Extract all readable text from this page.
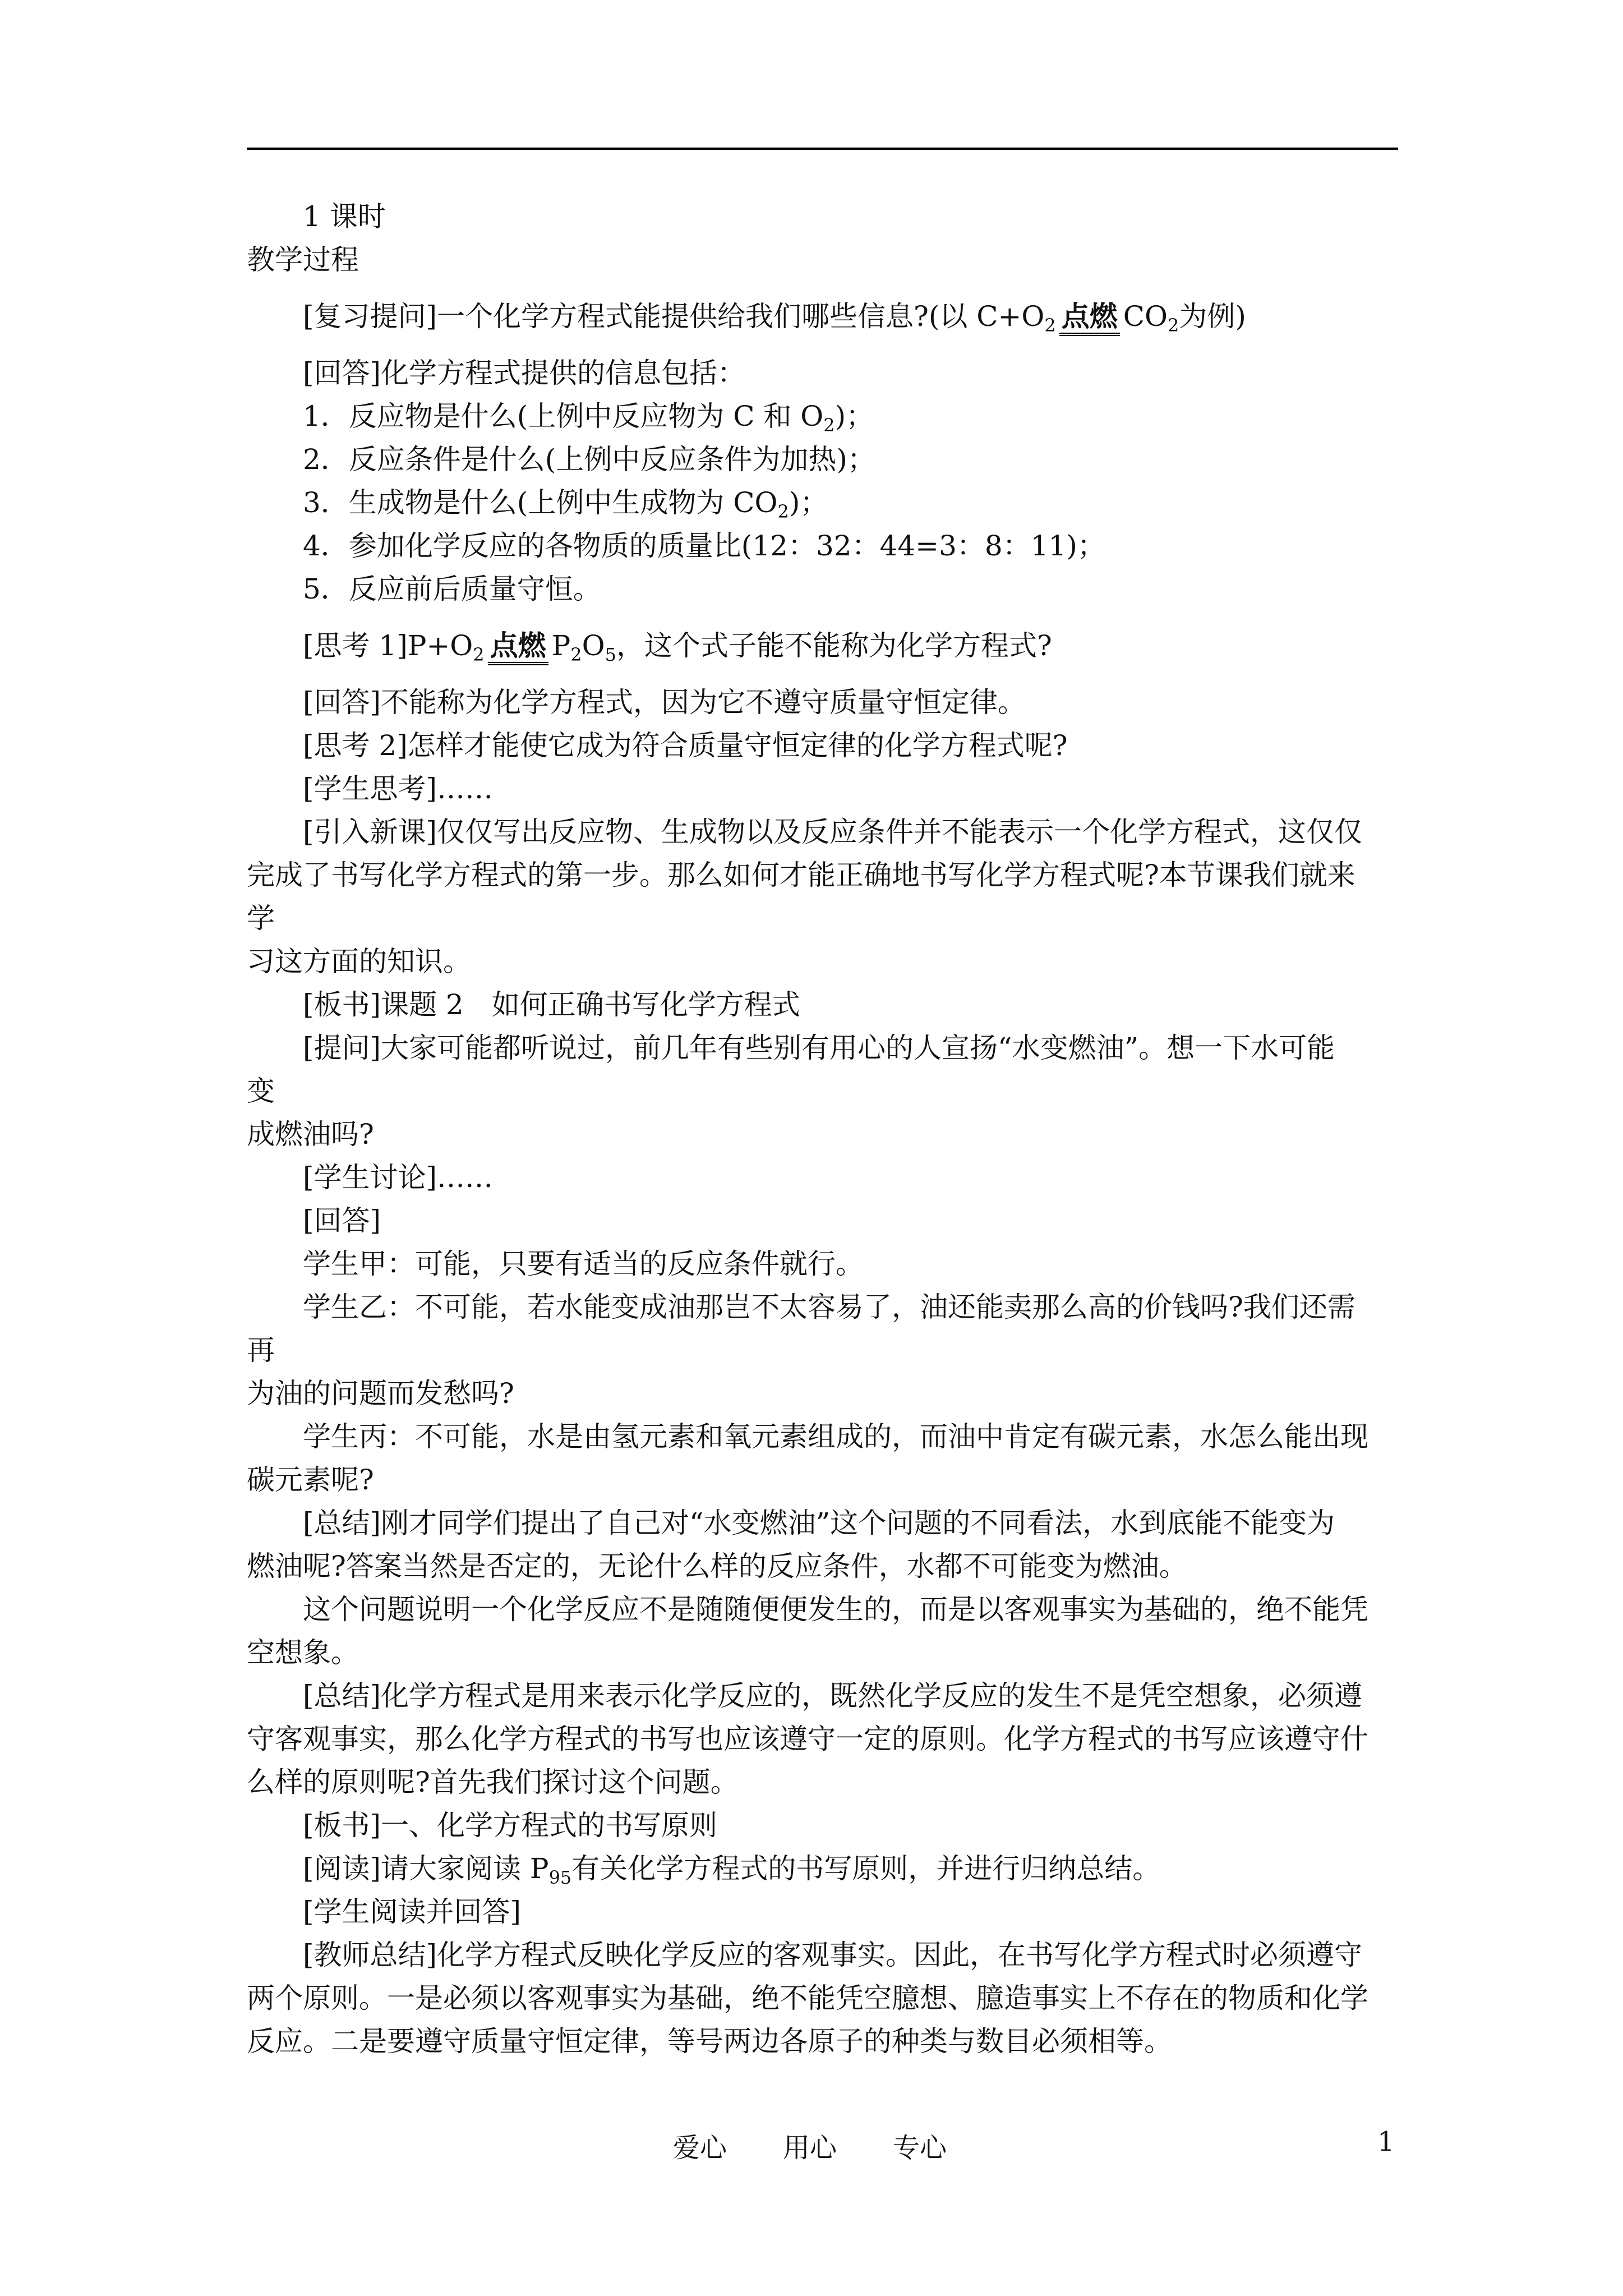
1 课时
教学过程
[复习提问]一个化学方程式能提供给我们哪些信息?(以 $C+O_2$ 点燃 $CO_2$为例)
[回答]化学方程式提供的信息包括：
1．反应物是什么(上例中反应物为 C 和 $O_2$)；
2．反应条件是什么(上例中反应条件为加热)；
3．生成物是什么(上例中生成物为 $CO_2$)；
4．参加化学反应的各物质的质量比(12：32：44=3：8：11)；
5．反应前后质量守恒。
[思考 $1]P+O_2$ 点燃 $P_2O_5$，这个式子能不能称为化学方程式?
[回答]不能称为化学方程式，因为它不遵守质量守恒定律。
[思考 2]怎样才能使它成为符合质量守恒定律的化学方程式呢?
[学生思考]……
[引入新课]仅仅写出反应物、生成物以及反应条件并不能表示一个化学方程式，这仅仅
完成了书写化学方程式的第一步。那么如何才能正确地书写化学方程式呢?本节课我们就来
学
习这方面的知识。
[板书]课题 2　如何正确书写化学方程式
[提问]大家可能都听说过，前几年有些别有用心的人宣扬“水变燃油”。想一下水可能
变
成燃油吗?
[学生讨论]……
[回答]
学生甲：可能，只要有适当的反应条件就行。
学生乙：不可能，若水能变成油那岂不太容易了，油还能卖那么高的价钱吗?我们还需
再
为油的问题而发愁吗?
学生丙：不可能，水是由氢元素和氧元素组成的，而油中肯定有碳元素，水怎么能出现
碳元素呢?
[总结]刚才同学们提出了自己对“水变燃油”这个问题的不同看法，水到底能不能变为
燃油呢?答案当然是否定的，无论什么样的反应条件，水都不可能变为燃油。
这个问题说明一个化学反应不是随随便便发生的，而是以客观事实为基础的，绝不能凭
空想象。
[总结]化学方程式是用来表示化学反应的，既然化学反应的发生不是凭空想象，必须遵
守客观事实，那么化学方程式的书写也应该遵守一定的原则。化学方程式的书写应该遵守什
么样的原则呢?首先我们探讨这个问题。
[板书]一、化学方程式的书写原则
[阅读]请大家阅读 $P_{95}$有关化学方程式的书写原则，并进行归纳总结。
[学生阅读并回答]
[教师总结]化学方程式反映化学反应的客观事实。因此，在书写化学方程式时必须遵守
两个原则。一是必须以客观事实为基础，绝不能凭空臆想、臆造事实上不存在的物质和化学
反应。二是要遵守质量守恒定律，等号两边各原子的种类与数目必须相等。
爱心 用心 专心	1
